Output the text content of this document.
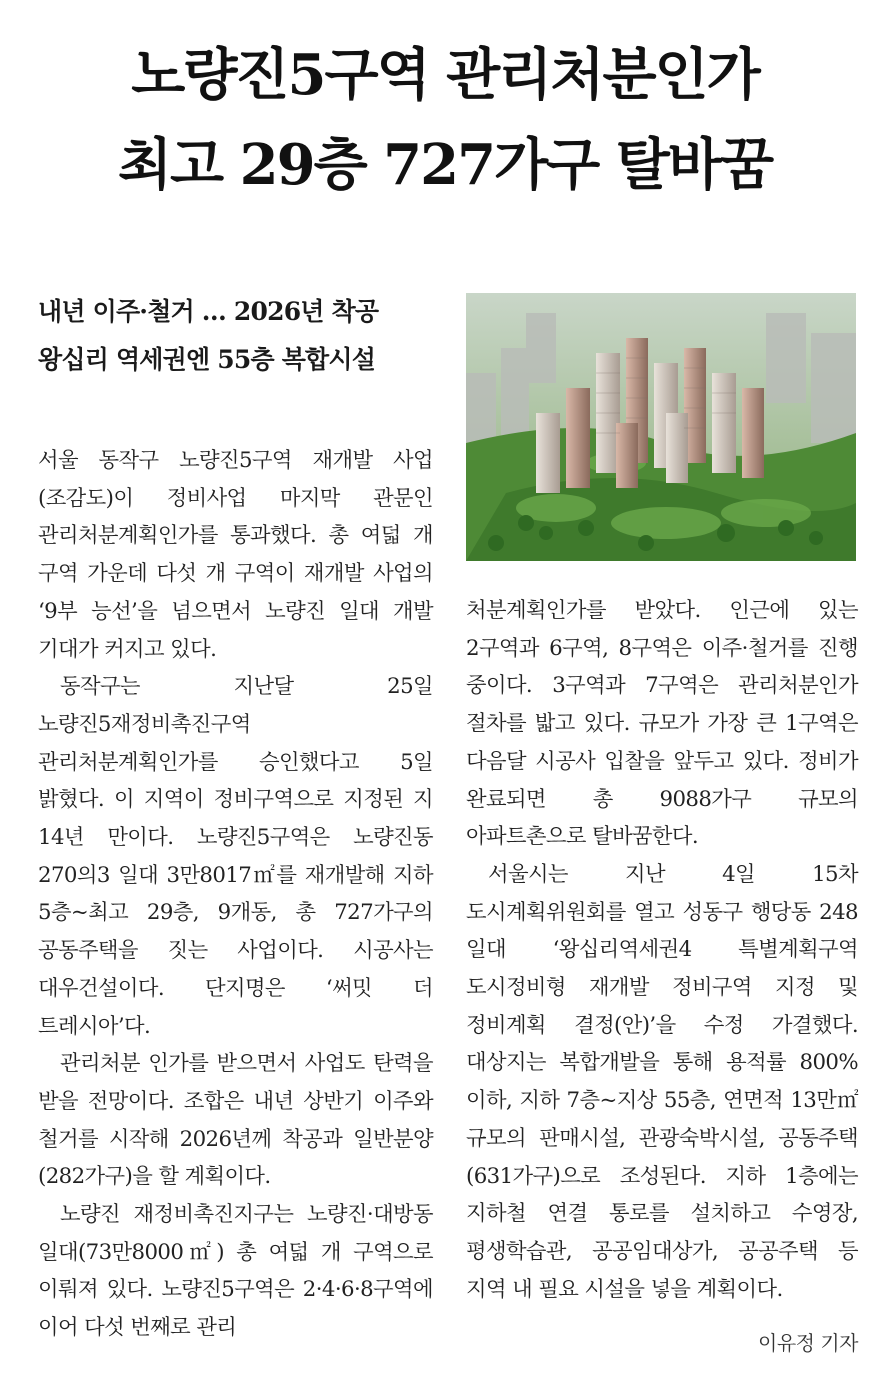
노량진5구역 관리처분인가
최고 29층 727가구 탈바꿈
내년 이주·철거 … 2026년 착공
왕십리 역세권엔 55층 복합시설

서울 동작구 노량진5구역 재개발 사업(조감도)이 정비사업 마지막 관문인 관리처분계획인가를 통과했다. 총 여덟 개 구역 가운데 다섯 개 구역이 재개발 사업의 ‘9부 능선’을 넘으면서 노량진 일대 개발 기대가 커지고 있다.

동작구는 지난달 25일 노량진5재정비촉진구역 관리처분계획인가를 승인했다고 5일 밝혔다. 이 지역이 정비구역으로 지정된 지 14년 만이다. 노량진5구역은 노량진동 270의3 일대 3만8017㎡를 재개발해 지하 5층~최고 29층, 9개동, 총 727가구의 공동주택을 짓는 사업이다. 시공사는 대우건설이다. 단지명은 ‘써밋 더 트레시아’다.

관리처분 인가를 받으면서 사업도 탄력을 받을 전망이다. 조합은 내년 상반기 이주와 철거를 시작해 2026년께 착공과 일반분양(282가구)을 할 계획이다.

노량진 재정비촉진지구는 노량진·대방동 일대(73만8000㎡) 총 여덟 개 구역으로 이뤄져 있다. 노량진5구역은 2·4·6·8구역에 이어 다섯 번째로 관리

처분계획인가를 받았다. 인근에 있는 2구역과 6구역, 8구역은 이주·철거를 진행 중이다. 3구역과 7구역은 관리처분인가 절차를 밟고 있다. 규모가 가장 큰 1구역은 다음달 시공사 입찰을 앞두고 있다. 정비가 완료되면 총 9088가구 규모의 아파트촌으로 탈바꿈한다.

서울시는 지난 4일 15차 도시계획위원회를 열고 성동구 행당동 248 일대 ‘왕십리역세권4 특별계획구역 도시정비형 재개발 정비구역 지정 및 정비계획 결정(안)’을 수정 가결했다. 대상지는 복합개발을 통해 용적률 800% 이하, 지하 7층~지상 55층, 연면적 13만㎡ 규모의 판매시설, 관광숙박시설, 공동주택(631가구)으로 조성된다. 지하 1층에는 지하철 연결 통로를 설치하고 수영장, 평생학습관, 공공임대상가, 공공주택 등 지역 내 필요 시설을 넣을 계획이다.

이유정 기자
